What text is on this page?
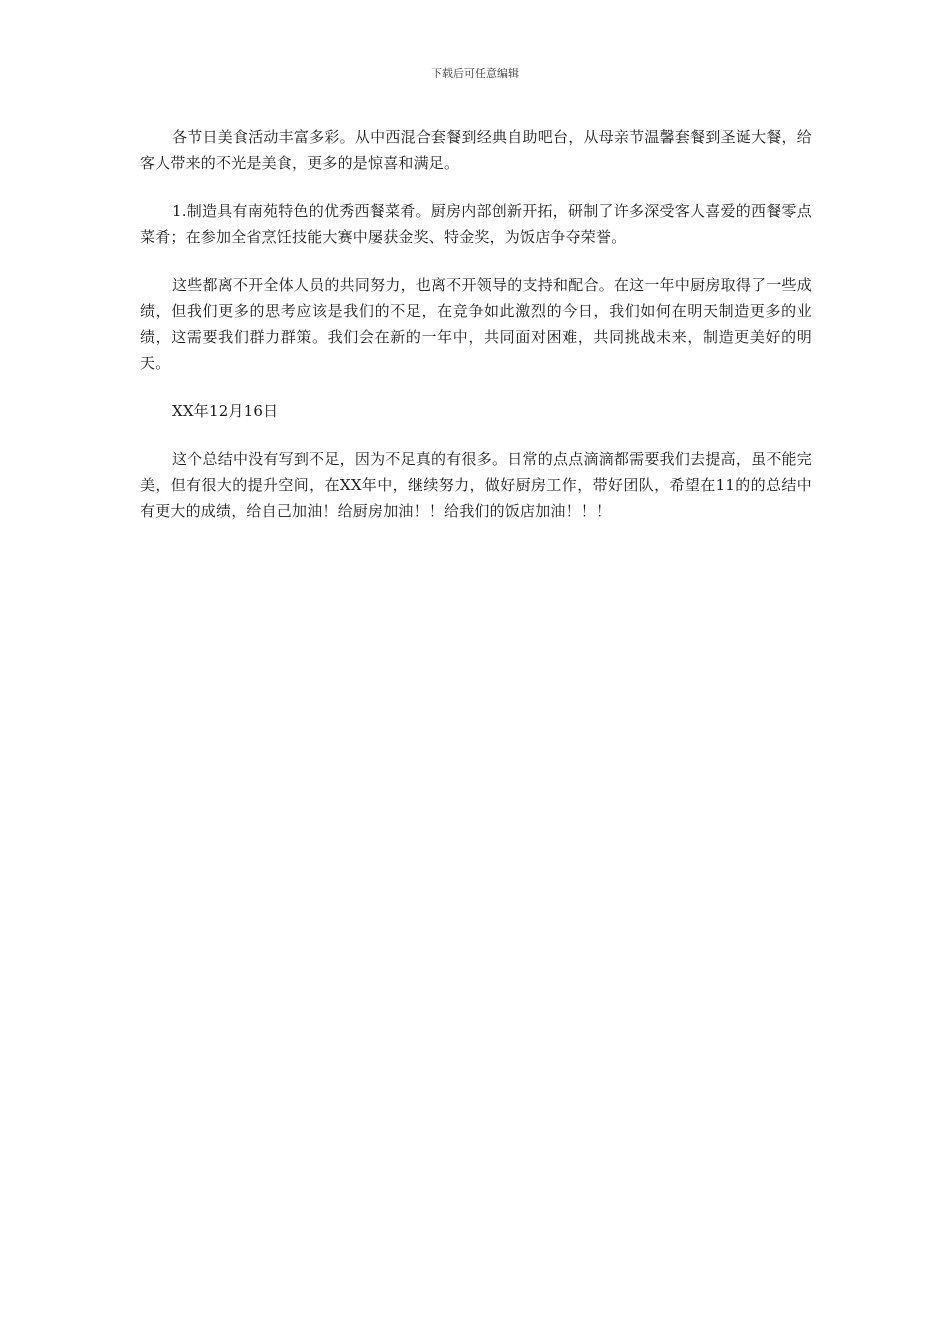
下载后可任意编辑

各节日美食活动丰富多彩。从中西混合套餐到经典自助吧台，从母亲节温馨套餐到圣诞大餐，给客人带来的不光是美食，更多的是惊喜和满足。

1.制造具有南苑特色的优秀西餐菜肴。厨房内部创新开拓，研制了许多深受客人喜爱的西餐零点菜肴；在参加全省烹饪技能大赛中屡获金奖、特金奖，为饭店争夺荣誉。

这些都离不开全体人员的共同努力，也离不开领导的支持和配合。在这一年中厨房取得了一些成绩，但我们更多的思考应该是我们的不足，在竞争如此激烈的今日，我们如何在明天制造更多的业绩，这需要我们群力群策。我们会在新的一年中，共同面对困难，共同挑战未来，制造更美好的明天。

XX年12月16日

这个总结中没有写到不足，因为不足真的有很多。日常的点点滴滴都需要我们去提高，虽不能完美，但有很大的提升空间，在XX年中，继续努力，做好厨房工作，带好团队，希望在11的的总结中有更大的成绩，给自己加油！给厨房加油！！给我们的饭店加油！！！
